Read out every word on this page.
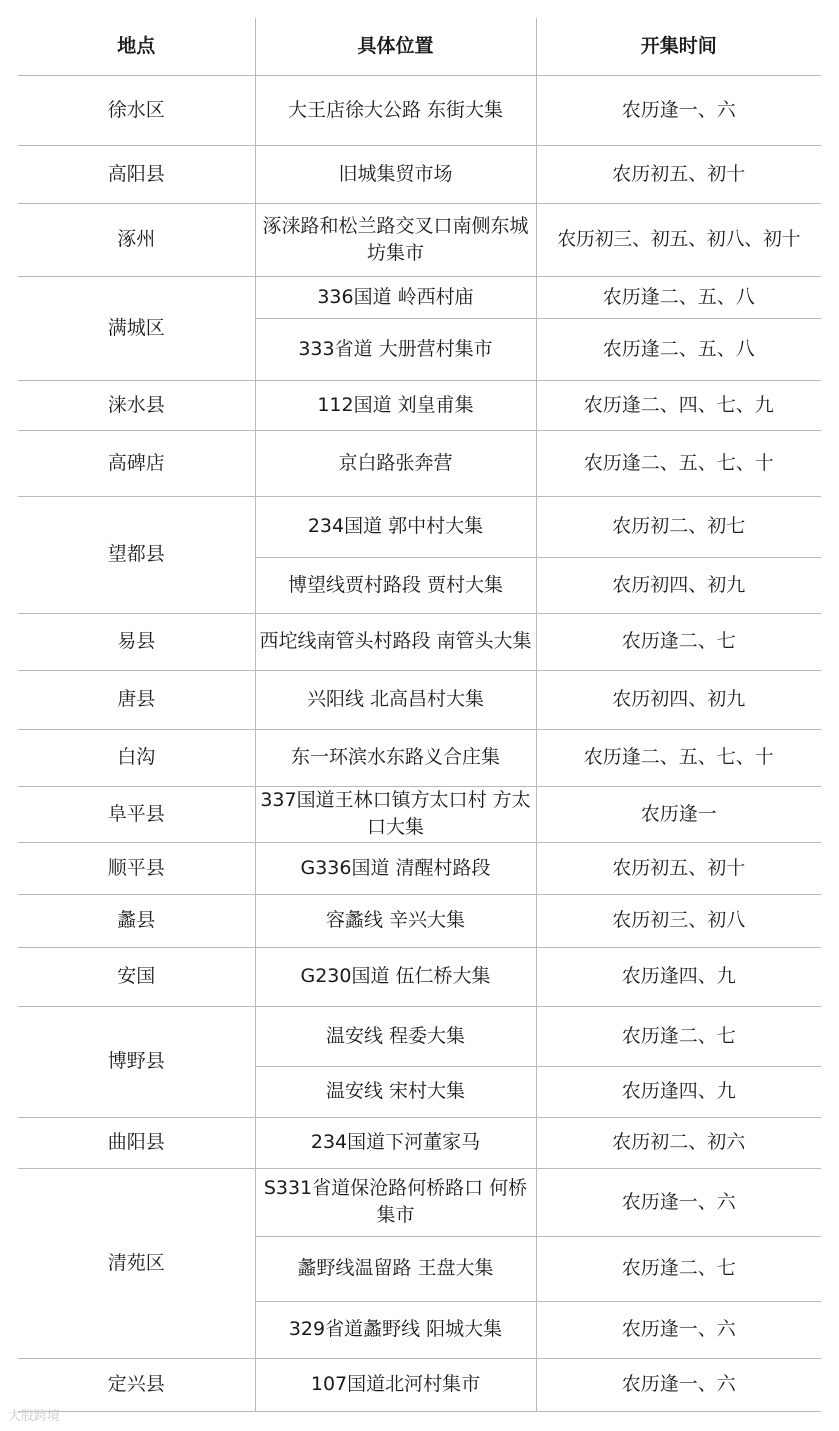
地点	具体位置	开集时间
徐水区	大王店徐大公路 东街大集	农历逢一、六
高阳县	旧城集贸市场	农历初五、初十
涿州	涿涞路和松兰路交叉口南侧东城坊集市	农历初三、初五、初八、初十
满城区	336国道 岭西村庙	农历逢二、五、八
	333省道 大册营村集市	农历逢二、五、八
涞水县	112国道 刘皇甫集	农历逢二、四、七、九
高碑店	京白路张奔营	农历逢二、五、七、十
望都县	234国道 郭中村大集	农历初二、初七
	博望线贾村路段 贾村大集	农历初四、初九
易县	西坨线南管头村路段 南管头大集	农历逢二、七
唐县	兴阳线 北高昌村大集	农历初四、初九
白沟	东一环滨水东路义合庄集	农历逢二、五、七、十
阜平县	337国道王林口镇方太口村 方太口大集	农历逢一
顺平县	G336国道 清醒村路段	农历初五、初十
蠡县	容蠡线 辛兴大集	农历初三、初八
安国	G230国道 伍仁桥大集	农历逢四、九
博野县	温安线 程委大集	农历逢二、七
	温安线 宋村大集	农历逢四、九
曲阳县	234国道下河董家马	农历初二、初六
清苑区	S331省道保沧路何桥路口 何桥集市	农历逢一、六
	蠡野线温留路 王盘大集	农历逢二、七
	329省道蠡野线 阳城大集	农历逢一、六
定兴县	107国道北河村集市	农历逢一、六
大股跨境
